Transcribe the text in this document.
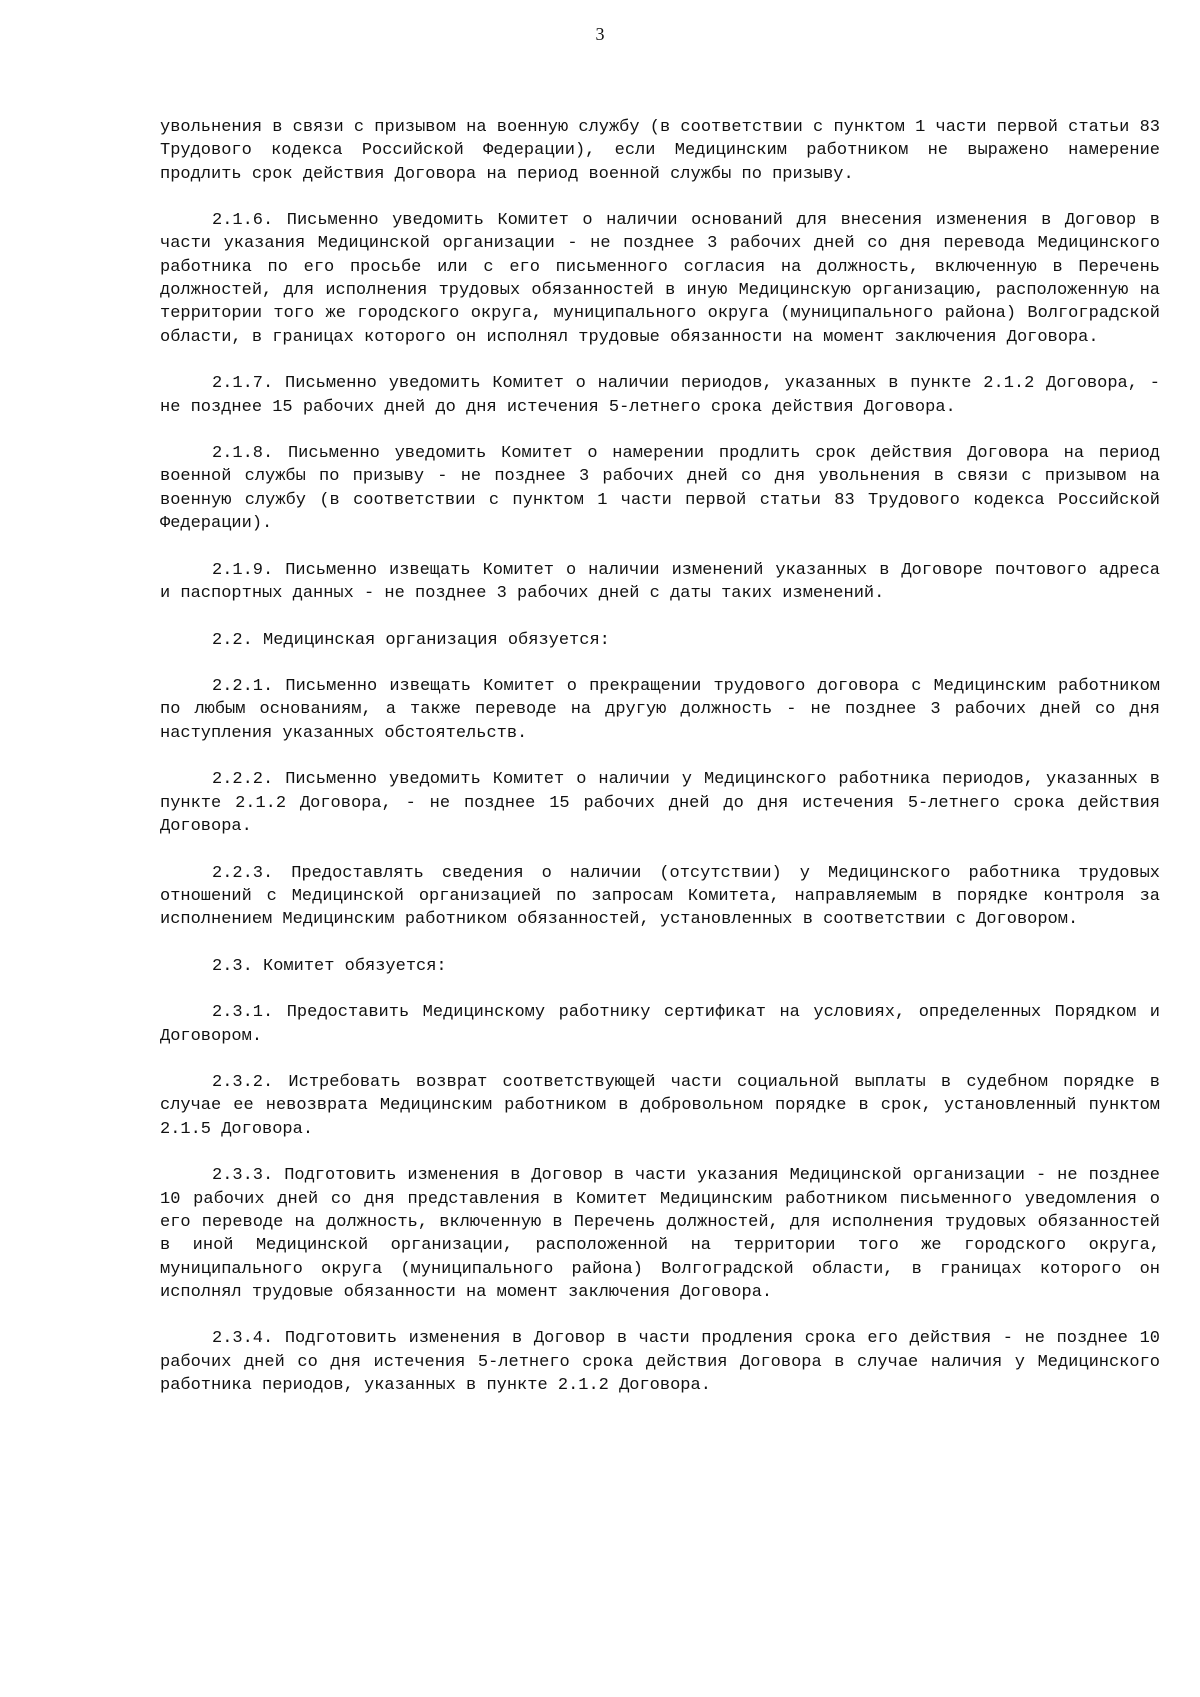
3

увольнения в связи с призывом на военную службу (в соответствии с пунктом 1 части первой статьи 83 Трудового кодекса Российской Федерации), если Медицинским работником не выражено намерение продлить срок действия Договора на период военной службы по призыву.

2.1.6. Письменно уведомить Комитет о наличии оснований для внесения изменения в Договор в части указания Медицинской организации - не позднее 3 рабочих дней со дня перевода Медицинского работника по его просьбе или с его письменного согласия на должность, включенную в Перечень должностей, для исполнения трудовых обязанностей в иную Медицинскую организацию, расположенную на территории того же городского округа, муниципального округа (муниципального района) Волгоградской области, в границах которого он исполнял трудовые обязанности на момент заключения Договора.

2.1.7. Письменно уведомить Комитет о наличии периодов, указанных в пункте 2.1.2 Договора, - не позднее 15 рабочих дней до дня истечения 5-летнего срока действия Договора.

2.1.8. Письменно уведомить Комитет о намерении продлить срок действия Договора на период военной службы по призыву - не позднее 3 рабочих дней со дня увольнения в связи с призывом на военную службу (в соответствии с пунктом 1 части первой статьи 83 Трудового кодекса Российской Федерации).

2.1.9. Письменно извещать Комитет о наличии изменений указанных в Договоре почтового адреса и паспортных данных - не позднее 3 рабочих дней с даты таких изменений.

2.2. Медицинская организация обязуется:

2.2.1. Письменно извещать Комитет о прекращении трудового договора с Медицинским работником по любым основаниям, а также переводе на другую должность - не позднее 3 рабочих дней со дня наступления указанных обстоятельств.

2.2.2. Письменно уведомить Комитет о наличии у Медицинского работника периодов, указанных в пункте 2.1.2 Договора, - не позднее 15 рабочих дней до дня истечения 5-летнего срока действия Договора.

2.2.3. Предоставлять сведения о наличии (отсутствии) у Медицинского работника трудовых отношений с Медицинской организацией по запросам Комитета, направляемым в порядке контроля за исполнением Медицинским работником обязанностей, установленных в соответствии с Договором.

2.3. Комитет обязуется:

2.3.1. Предоставить Медицинскому работнику сертификат на условиях, определенных Порядком и Договором.

2.3.2. Истребовать возврат соответствующей части социальной выплаты в судебном порядке в случае ее невозврата Медицинским работником в добровольном порядке в срок, установленный пунктом 2.1.5 Договора.

2.3.3. Подготовить изменения в Договор в части указания Медицинской организации - не позднее 10 рабочих дней со дня представления в Комитет Медицинским работником письменного уведомления о его переводе на должность, включенную в Перечень должностей, для исполнения трудовых обязанностей в иной Медицинской организации, расположенной на территории того же городского округа, муниципального округа (муниципального района) Волгоградской области, в границах которого он исполнял трудовые обязанности на момент заключения Договора.

2.3.4. Подготовить изменения в Договор в части продления срока его действия - не позднее 10 рабочих дней со дня истечения 5-летнего срока действия Договора в случае наличия у Медицинского работника периодов, указанных в пункте 2.1.2 Договора.
